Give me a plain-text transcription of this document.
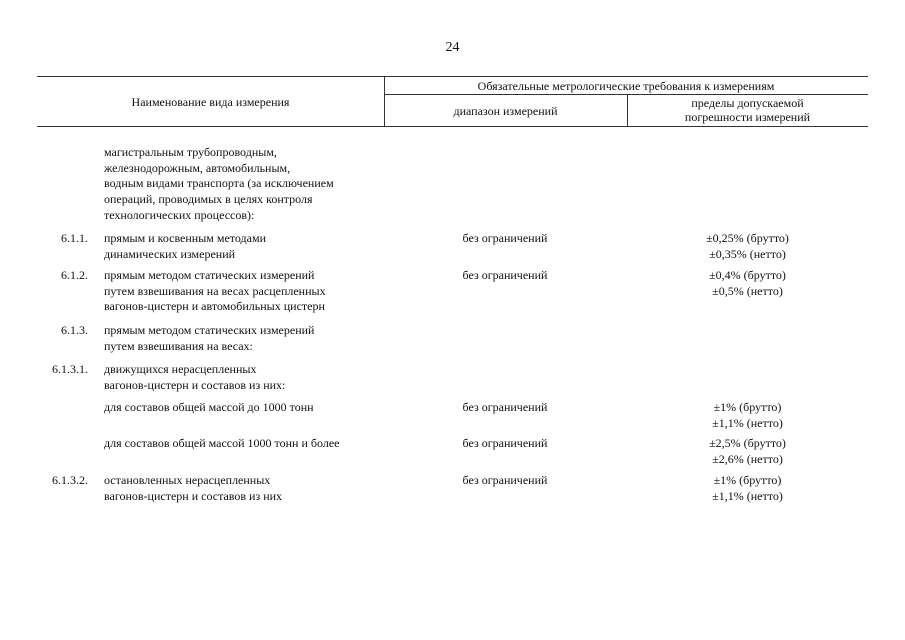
24
Наименование вида измерения
Обязательные метрологические требования к измерениям
диапазон измерений
пределы допускаемой
погрешности измерений
магистральным трубопроводным,
железнодорожным, автомобильным,
водным видами транспорта (за исключением
операций, проводимых в целях контроля
технологических процессов):
6.1.1. прямым и косвенным методами
динамических измерений
без ограничений	±0,25% (брутто)
±0,35% (нетто)
6.1.2. прямым методом статических измерений
путем взвешивания на весах расцепленных
вагонов-цистерн и автомобильных цистерн
без ограничений	±0,4% (брутто)
±0,5% (нетто)
6.1.3. прямым методом статических измерений
путем взвешивания на весах:
6.1.3.1. движущихся нерасцепленных
вагонов-цистерн и составов из них:
для составов общей массой до 1000 тонн	без ограничений	±1% (брутто)
±1,1% (нетто)
для составов общей массой 1000 тонн и более	без ограничений	±2,5% (брутто)
±2,6% (нетто)
6.1.3.2. остановленных нерасцепленных
вагонов-цистерн и составов из них
без ограничений	±1% (брутто)
±1,1% (нетто)
